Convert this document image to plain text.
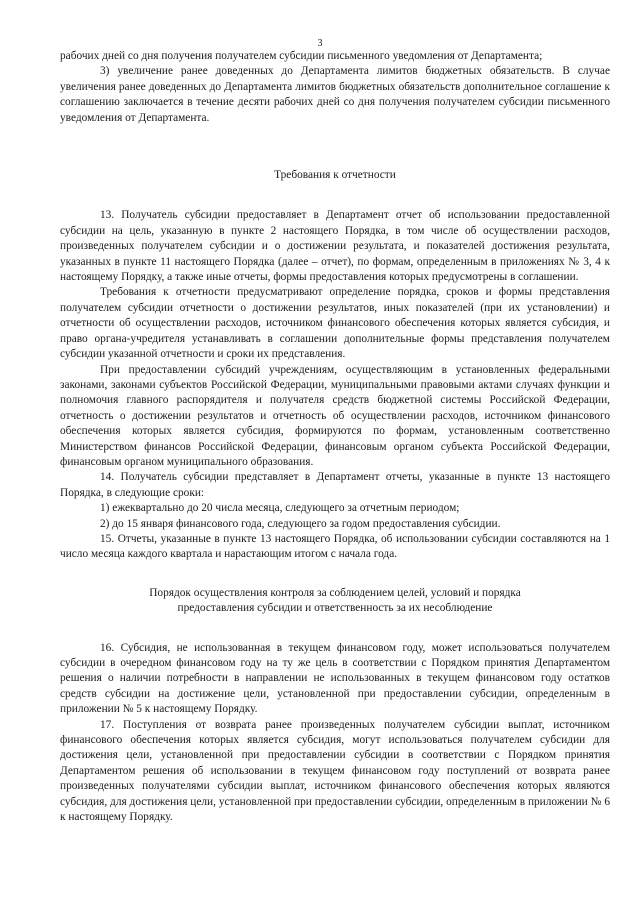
3

рабочих дней со дня получения получателем субсидии письменного уведомления от Департамента;

3) увеличение ранее доведенных до Департамента лимитов бюджетных обязательств. В случае увеличения ранее доведенных до Департамента лимитов бюджетных обязательств дополнительное соглашение к соглашению заключается в течение десяти рабочих дней со дня получения получателем субсидии письменного уведомления от Департамента.

Требования к отчетности

13. Получатель субсидии предоставляет в Департамент отчет об использовании предоставленной субсидии на цель, указанную в пункте 2 настоящего Порядка, в том числе об осуществлении расходов, произведенных получателем субсидии и о достижении результата, и показателей достижения результата, указанных в пункте 11 настоящего Порядка (далее – отчет), по формам, определенным в приложениях № 3, 4 к настоящему Порядку, а также иные отчеты, формы предоставления которых предусмотрены в соглашении.

Требования к отчетности предусматривают определение порядка, сроков и формы представления получателем субсидии отчетности о достижении результатов, иных показателей (при их установлении) и отчетности об осуществлении расходов, источником финансового обеспечения которых является субсидия, и право органа-учредителя устанавливать в соглашении дополнительные формы представления получателем субсидии указанной отчетности и сроки их представления.

При предоставлении субсидий учреждениям, осуществляющим в установленных федеральными законами, законами субъектов Российской Федерации, муниципальными правовыми актами случаях функции и полномочия главного распорядителя и получателя средств бюджетной системы Российской Федерации, отчетность о достижении результатов и отчетность об осуществлении расходов, источником финансового обеспечения которых является субсидия, формируются по формам, установленным соответственно Министерством финансов Российской Федерации, финансовым органом субъекта Российской Федерации, финансовым органом муниципального образования.

14. Получатель субсидии представляет в Департамент отчеты, указанные в пункте 13 настоящего Порядка, в следующие сроки:

1) ежеквартально до 20 числа месяца, следующего за отчетным периодом;

2) до 15 января финансового года, следующего за годом предоставления субсидии.

15. Отчеты, указанные в пункте 13 настоящего Порядка, об использовании субсидии составляются на 1 число месяца каждого квартала и нарастающим итогом с начала года.

Порядок осуществления контроля за соблюдением целей, условий и порядка
предоставления субсидии и ответственность за их несоблюдение

16. Субсидия, не использованная в текущем финансовом году, может использоваться получателем субсидии в очередном финансовом году на ту же цель в соответствии с Порядком принятия Департаментом решения о наличии потребности в направлении не использованных в текущем финансовом году остатков средств субсидии на достижение цели, установленной при предоставлении субсидии, определенным в приложении № 5 к настоящему Порядку.

17. Поступления от возврата ранее произведенных получателем субсидии выплат, источником финансового обеспечения которых является субсидия, могут использоваться получателем субсидии для достижения цели, установленной при предоставлении субсидии в соответствии с Порядком принятия Департаментом решения об использовании в текущем финансовом году поступлений от возврата ранее произведенных получателями субсидии выплат, источником финансового обеспечения которых являются субсидия, для достижения цели, установленной при предоставлении субсидии, определенным в приложении № 6 к настоящему Порядку.
